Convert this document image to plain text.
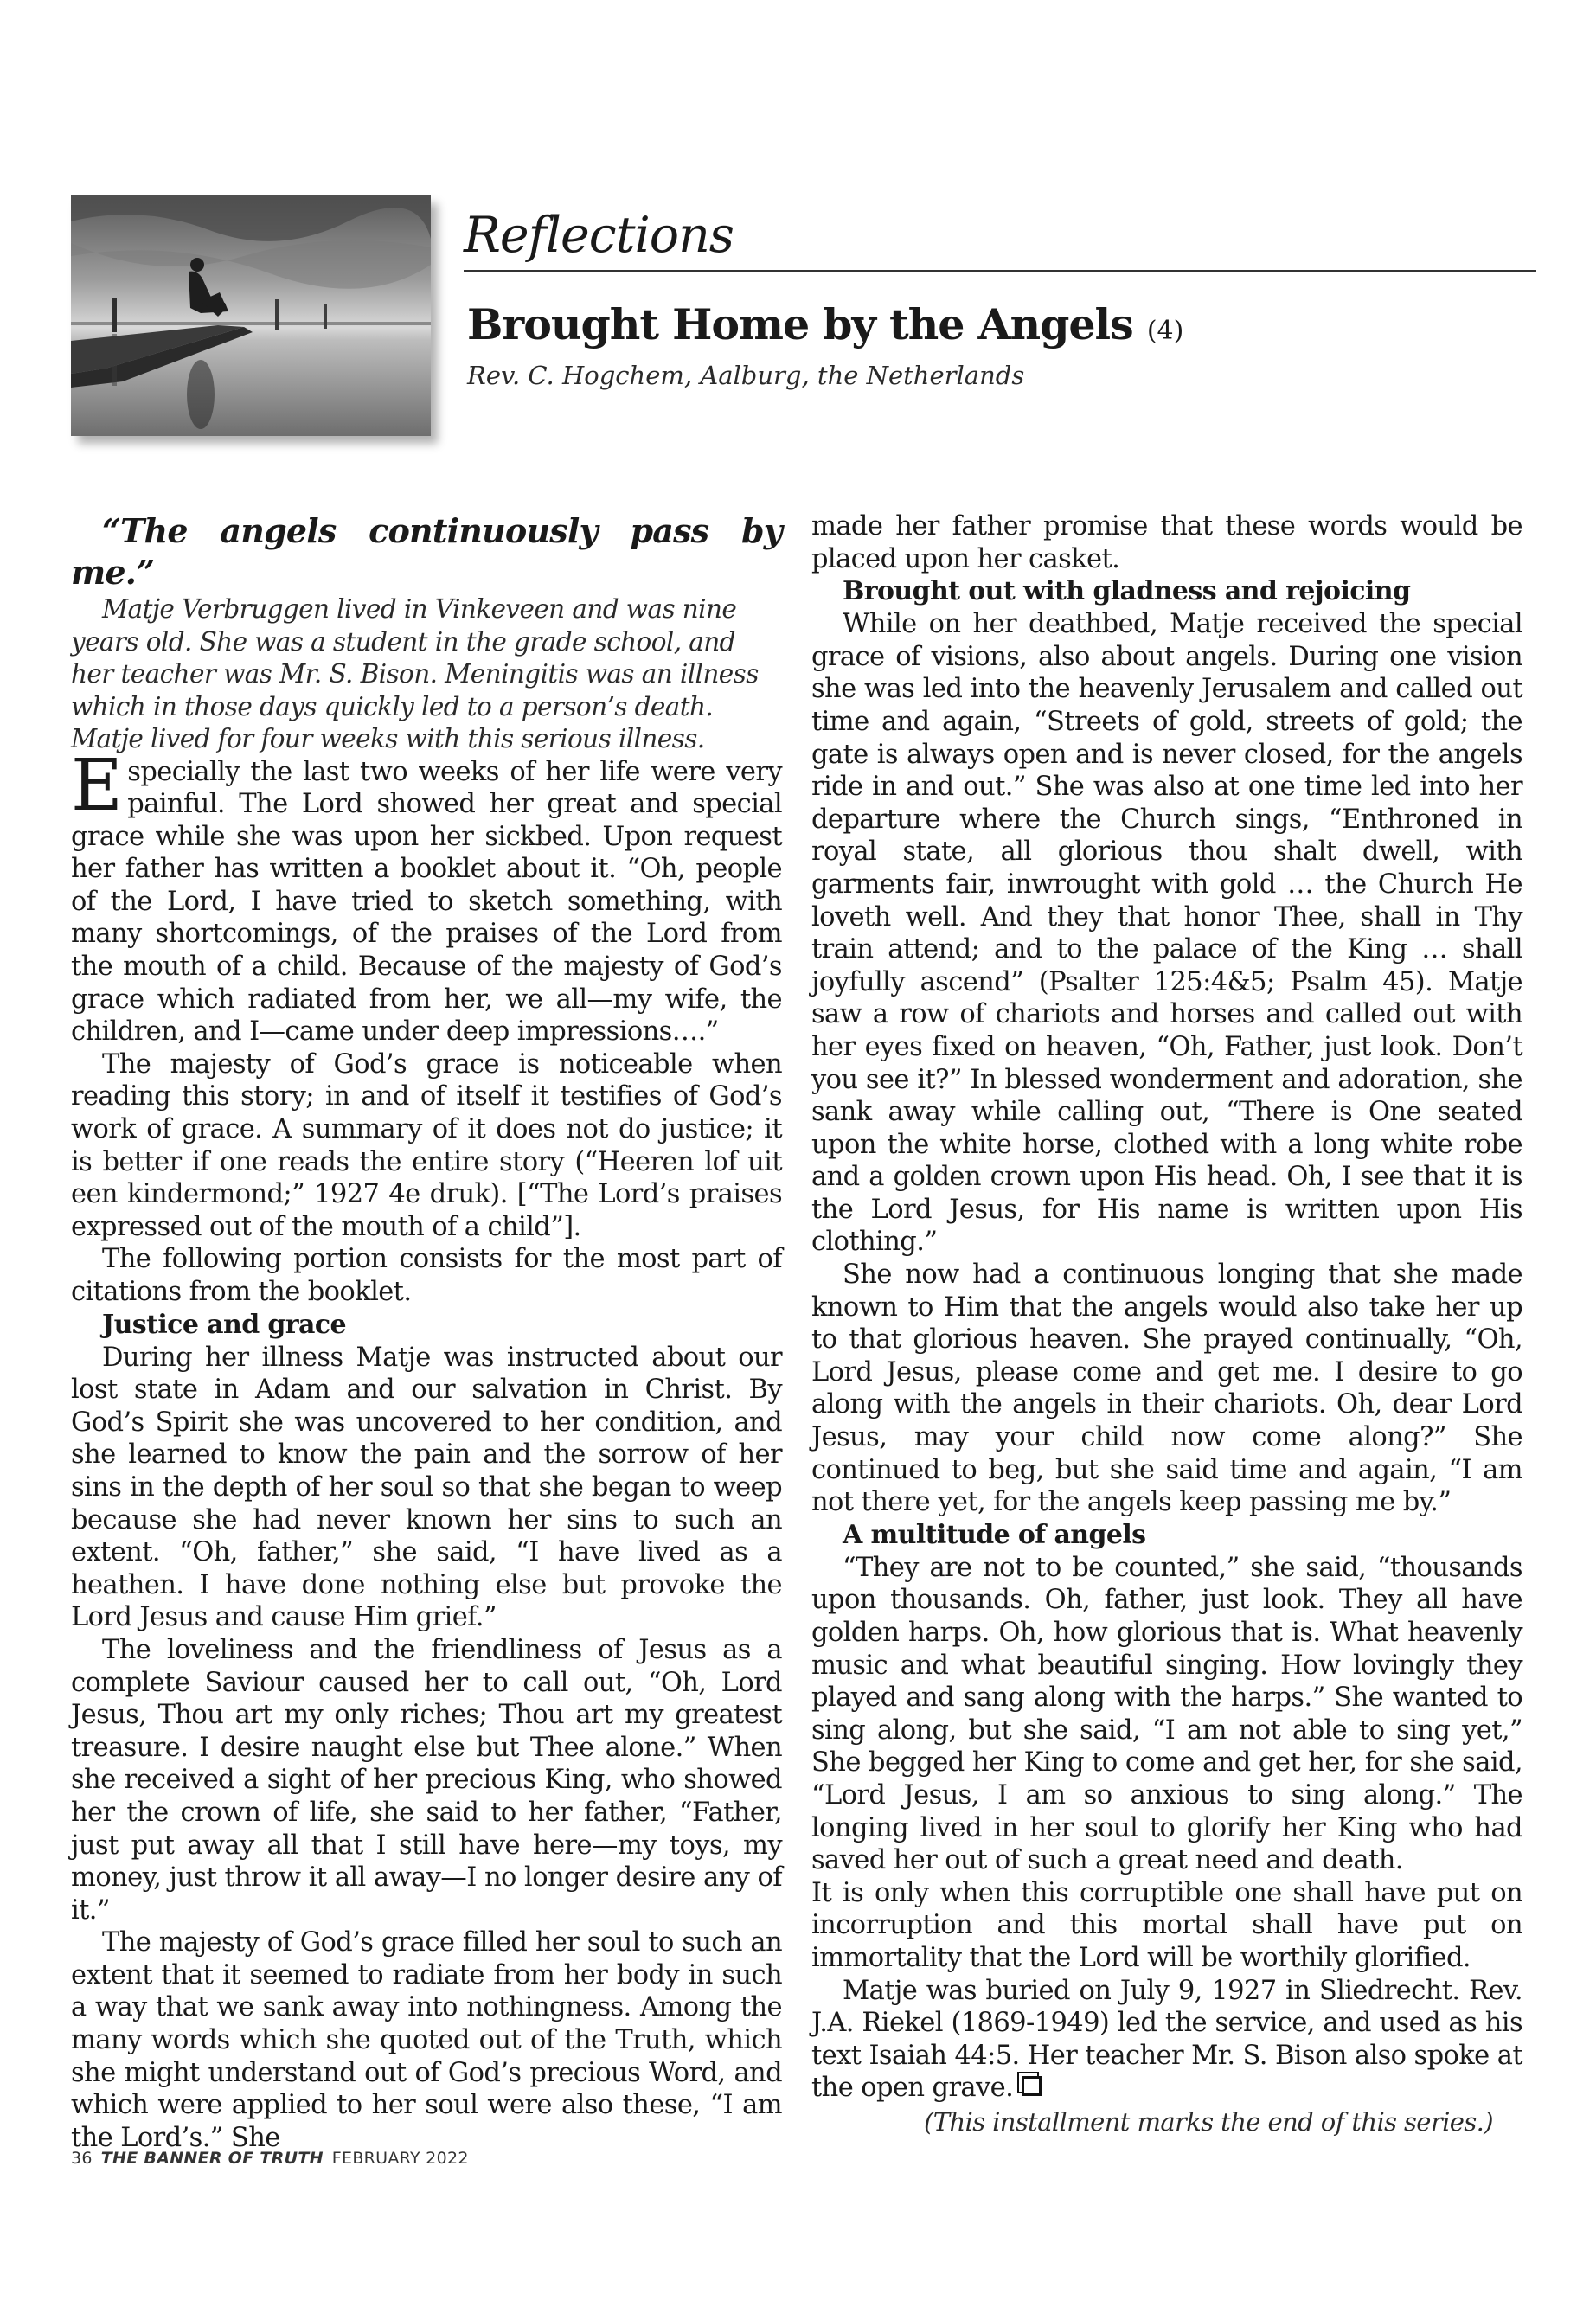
Reflections
Brought Home by the Angels (4)
Rev. C. Hogchem, Aalburg, the Netherlands

“The angels continuously pass by me.”

Matje Verbruggen lived in Vinkeveen and was nine years old. She was a student in the grade school, and her teacher was Mr. S. Bison. Meningitis was an illness which in those days quickly led to a person’s death. Matje lived for four weeks with this serious illness.

Especially the last two weeks of her life were very painful. The Lord showed her great and special grace while she was upon her sickbed. Upon request her father has written a booklet about it. “Oh, people of the Lord, I have tried to sketch something, with many shortcomings, of the praises of the Lord from the mouth of a child. Because of the majesty of God’s grace which radiated from her, we all—my wife, the children, and I—came under deep impressions….”

The majesty of God’s grace is noticeable when reading this story; in and of itself it testifies of God’s work of grace. A summary of it does not do justice; it is better if one reads the entire story (“Heeren lof uit een kindermond;” 1927 4e druk). [“The Lord’s praises expressed out of the mouth of a child”].

The following portion consists for the most part of citations from the booklet.

Justice and grace

During her illness Matje was instructed about our lost state in Adam and our salvation in Christ. By God’s Spirit she was uncovered to her condition, and she learned to know the pain and the sorrow of her sins in the depth of her soul so that she began to weep because she had never known her sins to such an extent. “Oh, father,” she said, “I have lived as a heathen. I have done nothing else but provoke the Lord Jesus and cause Him grief.”

The loveliness and the friendliness of Jesus as a complete Saviour caused her to call out, “Oh, Lord Jesus, Thou art my only riches; Thou art my greatest treasure. I desire naught else but Thee alone.” When she received a sight of her precious King, who showed her the crown of life, she said to her father, “Father, just put away all that I still have here—my toys, my money, just throw it all away—I no longer desire any of it.”

The majesty of God’s grace filled her soul to such an extent that it seemed to radiate from her body in such a way that we sank away into nothingness. Among the many words which she quoted out of the Truth, which she might understand out of God’s precious Word, and which were applied to her soul were also these, “I am the Lord’s.” She

made her father promise that these words would be placed upon her casket.

Brought out with gladness and rejoicing

While on her deathbed, Matje received the special grace of visions, also about angels. During one vision she was led into the heavenly Jerusalem and called out time and again, “Streets of gold, streets of gold; the gate is always open and is never closed, for the angels ride in and out.” She was also at one time led into her departure where the Church sings, “Enthroned in royal state, all glorious thou shalt dwell, with garments fair, inwrought with gold … the Church He loveth well. And they that honor Thee, shall in Thy train attend; and to the palace of the King … shall joyfully ascend” (Psalter 125:4&5; Psalm 45). Matje saw a row of chariots and horses and called out with her eyes fixed on heaven, “Oh, Father, just look. Don’t you see it?” In blessed wonderment and adoration, she sank away while calling out, “There is One seated upon the white horse, clothed with a long white robe and a golden crown upon His head. Oh, I see that it is the Lord Jesus, for His name is written upon His clothing.”

She now had a continuous longing that she made known to Him that the angels would also take her up to that glorious heaven. She prayed continually, “Oh, Lord Jesus, please come and get me. I desire to go along with the angels in their chariots. Oh, dear Lord Jesus, may your child now come along?” She continued to beg, but she said time and again, “I am not there yet, for the angels keep passing me by.”

A multitude of angels

“They are not to be counted,” she said, “thousands upon thousands. Oh, father, just look. They all have golden harps. Oh, how glorious that is. What heavenly music and what beautiful singing. How lovingly they played and sang along with the harps.” She wanted to sing along, but she said, “I am not able to sing yet,” She begged her King to come and get her, for she said, “Lord Jesus, I am so anxious to sing along.” The longing lived in her soul to glorify her King who had saved her out of such a great need and death.

It is only when this corruptible one shall have put on incorruption and this mortal shall have put on immortality that the Lord will be worthily glorified.

Matje was buried on July 9, 1927 in Sliedrecht. Rev. J.A. Riekel (1869-1949) led the service, and used as his text Isaiah 44:5. Her teacher Mr. S. Bison also spoke at the open grave.

(This installment marks the end of this series.)

36 THE BANNER OF TRUTH FEBRUARY 2022
